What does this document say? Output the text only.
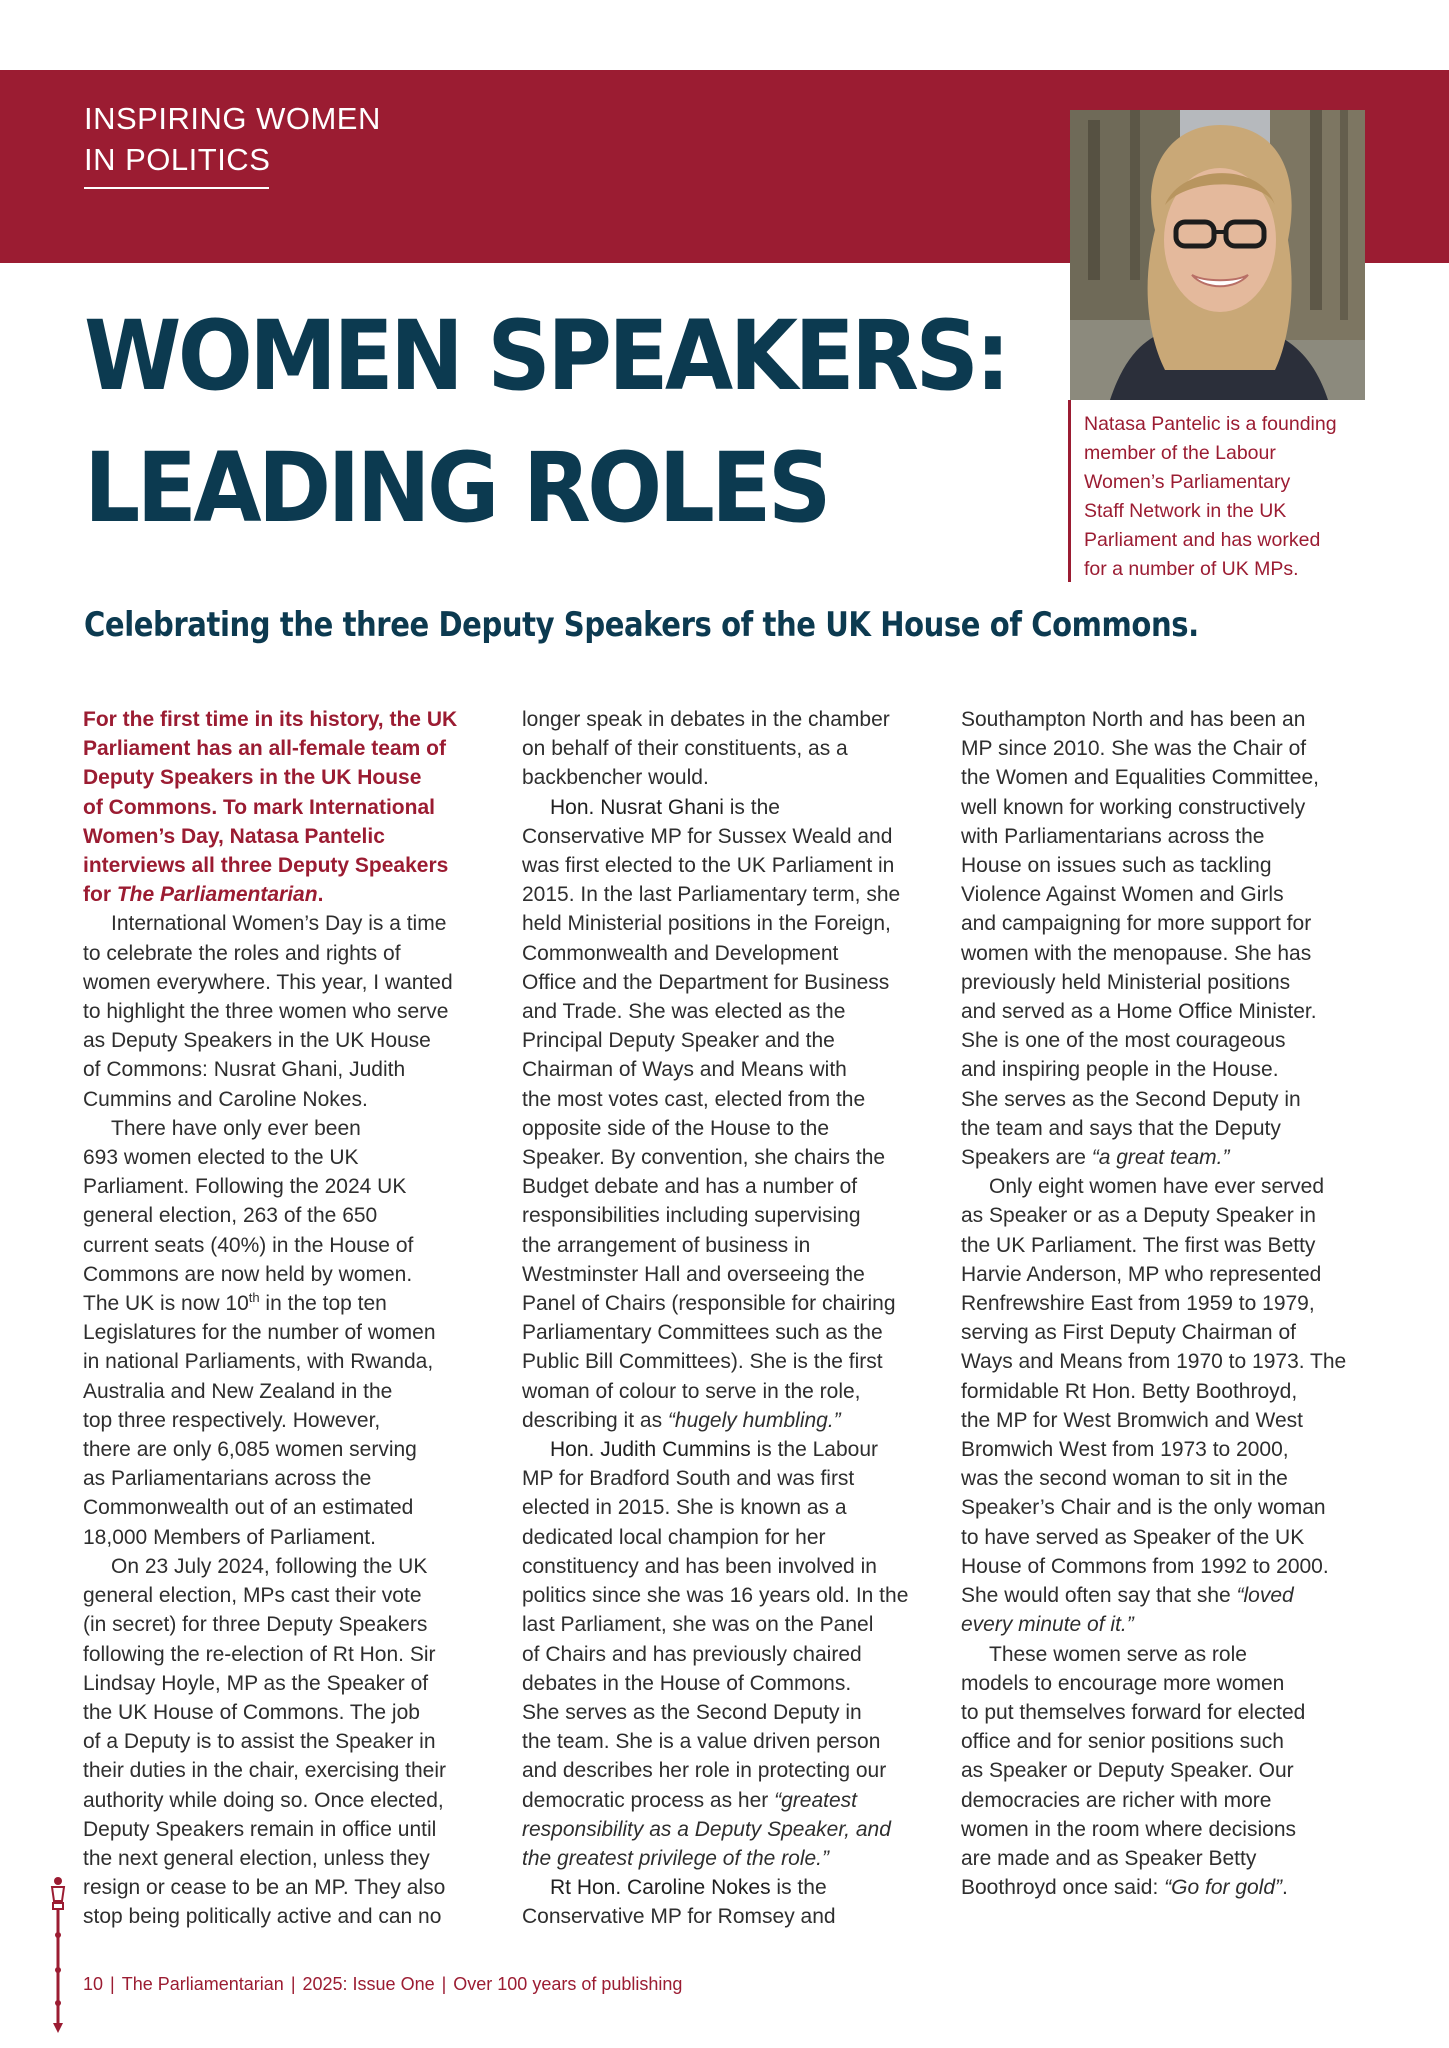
INSPIRING WOMEN
IN POLITICS
Natasa Pantelic is a founding
member of the Labour
Women’s Parliamentary
Staff Network in the UK
Parliament and has worked
for a number of UK MPs.
WOMEN SPEAKERS:
LEADING ROLES
Celebrating the three Deputy Speakers of the UK House of Commons.
For the first time in its history, the UK
Parliament has an all-female team of
Deputy Speakers in the UK House
of Commons. To mark International
Women’s Day, Natasa Pantelic
interviews all three Deputy Speakers
for The Parliamentarian.
International Women’s Day is a time
to celebrate the roles and rights of
women everywhere. This year, I wanted
to highlight the three women who serve
as Deputy Speakers in the UK House
of Commons: Nusrat Ghani, Judith
Cummins and Caroline Nokes.
There have only ever been
693 women elected to the UK
Parliament. Following the 2024 UK
general election, 263 of the 650
current seats (40%) in the House of
Commons are now held by women.
The UK is now 10th in the top ten
Legislatures for the number of women
in national Parliaments, with Rwanda,
Australia and New Zealand in the
top three respectively. However,
there are only 6,085 women serving
as Parliamentarians across the
Commonwealth out of an estimated
18,000 Members of Parliament.
On 23 July 2024, following the UK
general election, MPs cast their vote
(in secret) for three Deputy Speakers
following the re-election of Rt Hon. Sir
Lindsay Hoyle, MP as the Speaker of
the UK House of Commons. The job
of a Deputy is to assist the Speaker in
their duties in the chair, exercising their
authority while doing so. Once elected,
Deputy Speakers remain in office until
the next general election, unless they
resign or cease to be an MP. They also
stop being politically active and can no
longer speak in debates in the chamber
on behalf of their constituents, as a
backbencher would.
Hon. Nusrat Ghani is the
Conservative MP for Sussex Weald and
was first elected to the UK Parliament in
2015. In the last Parliamentary term, she
held Ministerial positions in the Foreign,
Commonwealth and Development
Office and the Department for Business
and Trade. She was elected as the
Principal Deputy Speaker and the
Chairman of Ways and Means with
the most votes cast, elected from the
opposite side of the House to the
Speaker. By convention, she chairs the
Budget debate and has a number of
responsibilities including supervising
the arrangement of business in
Westminster Hall and overseeing the
Panel of Chairs (responsible for chairing
Parliamentary Committees such as the
Public Bill Committees). She is the first
woman of colour to serve in the role,
describing it as “hugely humbling.”
Hon. Judith Cummins is the Labour
MP for Bradford South and was first
elected in 2015. She is known as a
dedicated local champion for her
constituency and has been involved in
politics since she was 16 years old. In the
last Parliament, she was on the Panel
of Chairs and has previously chaired
debates in the House of Commons.
She serves as the Second Deputy in
the team. She is a value driven person
and describes her role in protecting our
democratic process as her “greatest
responsibility as a Deputy Speaker, and
the greatest privilege of the role.”
Rt Hon. Caroline Nokes is the
Conservative MP for Romsey and
Southampton North and has been an
MP since 2010. She was the Chair of
the Women and Equalities Committee,
well known for working constructively
with Parliamentarians across the
House on issues such as tackling
Violence Against Women and Girls
and campaigning for more support for
women with the menopause. She has
previously held Ministerial positions
and served as a Home Office Minister.
She is one of the most courageous
and inspiring people in the House.
She serves as the Second Deputy in
the team and says that the Deputy
Speakers are “a great team.”
Only eight women have ever served
as Speaker or as a Deputy Speaker in
the UK Parliament. The first was Betty
Harvie Anderson, MP who represented
Renfrewshire East from 1959 to 1979,
serving as First Deputy Chairman of
Ways and Means from 1970 to 1973. The
formidable Rt Hon. Betty Boothroyd,
the MP for West Bromwich and West
Bromwich West from 1973 to 2000,
was the second woman to sit in the
Speaker’s Chair and is the only woman
to have served as Speaker of the UK
House of Commons from 1992 to 2000.
She would often say that she “loved
every minute of it.”
These women serve as role
models to encourage more women
to put themselves forward for elected
office and for senior positions such
as Speaker or Deputy Speaker. Our
democracies are richer with more
women in the room where decisions
are made and as Speaker Betty
Boothroyd once said: “Go for gold”.
10 | The Parliamentarian | 2025: Issue One | Over 100 years of publishing
